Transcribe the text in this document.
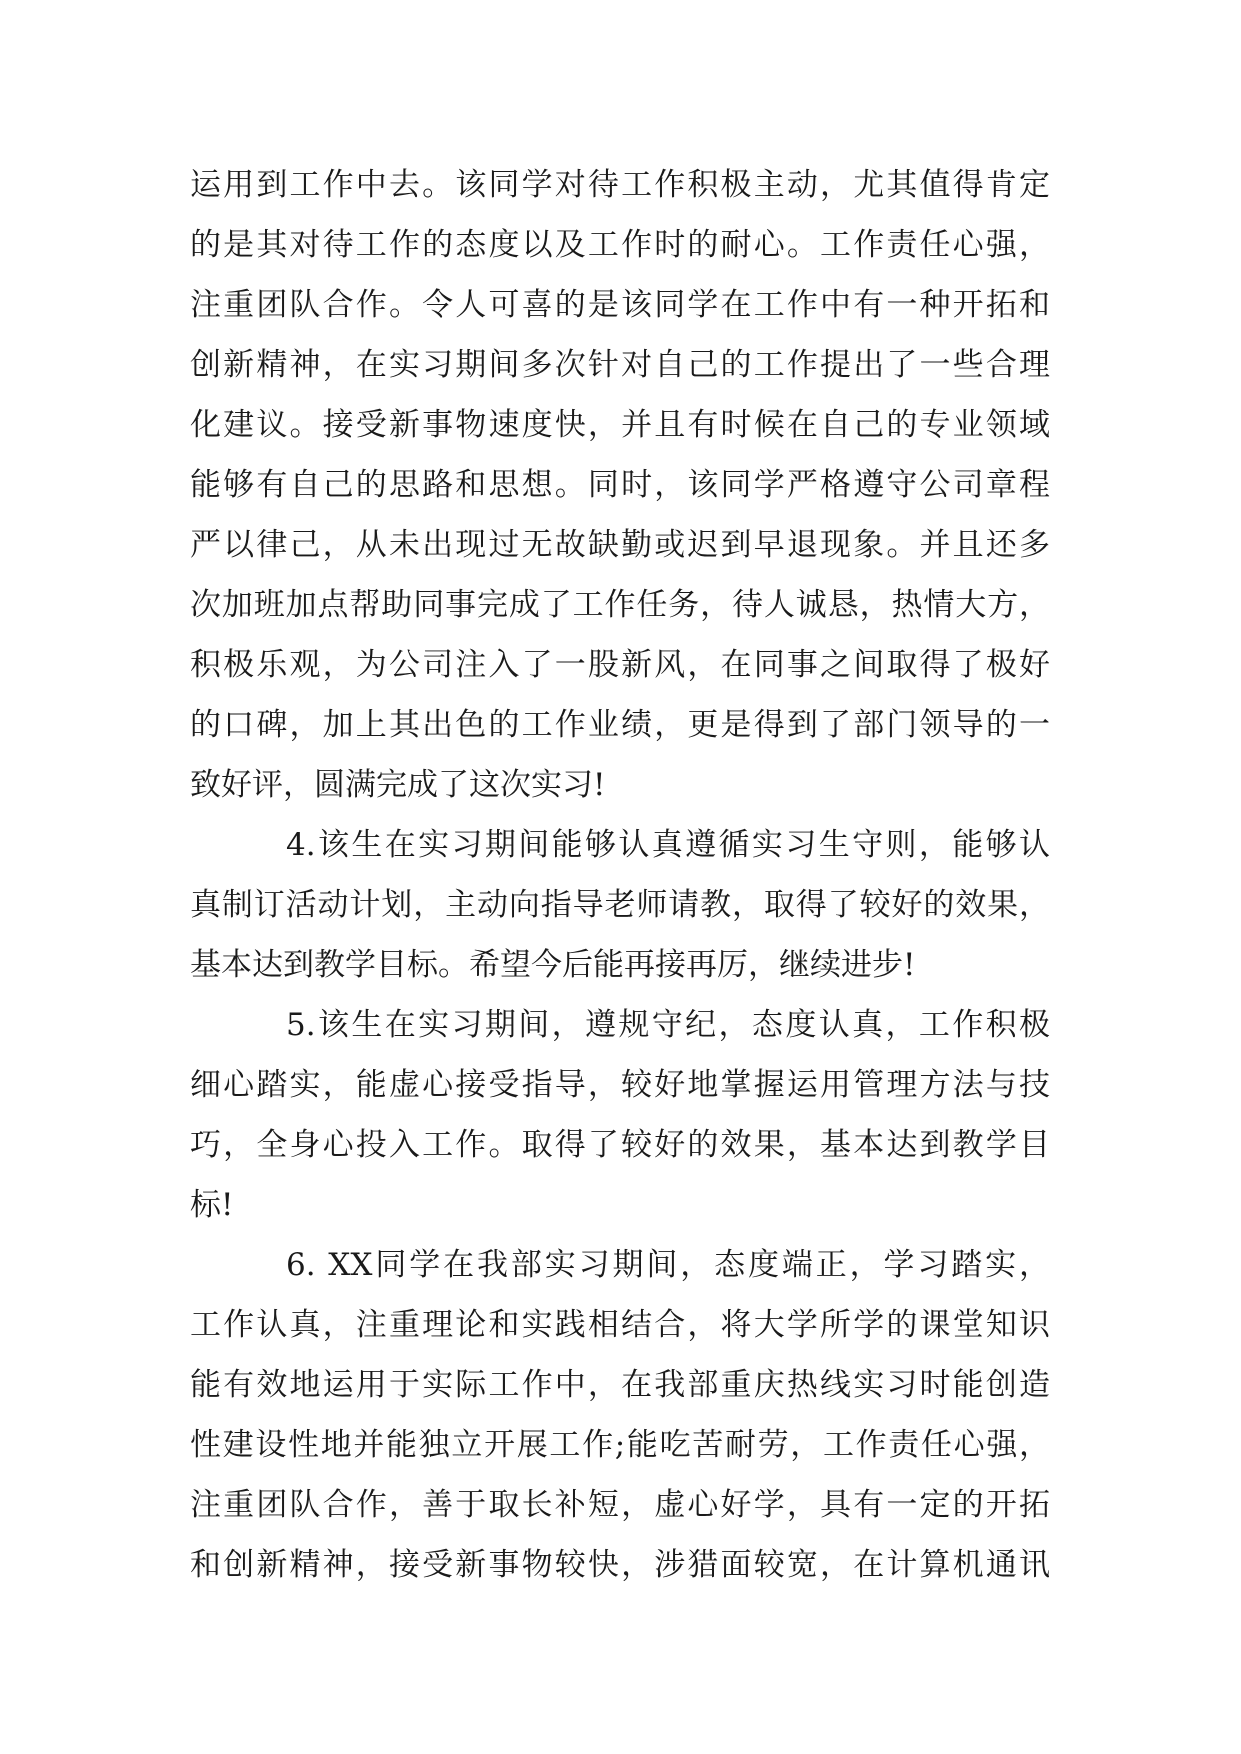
运用到工作中去。该同学对待工作积极主动，尤其值得肯定
的是其对待工作的态度以及工作时的耐心。工作责任心强，
注重团队合作。令人可喜的是该同学在工作中有一种开拓和
创新精神，在实习期间多次针对自己的工作提出了一些合理
化建议。接受新事物速度快，并且有时候在自己的专业领域
能够有自己的思路和思想。同时，该同学严格遵守公司章程
严以律己，从未出现过无故缺勤或迟到早退现象。并且还多
次加班加点帮助同事完成了工作任务，待人诚恳，热情大方，
积极乐观，为公司注入了一股新风，在同事之间取得了极好
的口碑，加上其出色的工作业绩，更是得到了部门领导的一
致好评，圆满完成了这次实习!
4.该生在实习期间能够认真遵循实习生守则，能够认
真制订活动计划，主动向指导老师请教，取得了较好的效果，
基本达到教学目标。希望今后能再接再厉，继续进步!
5.该生在实习期间，遵规守纪，态度认真，工作积极
细心踏实，能虚心接受指导，较好地掌握运用管理方法与技
巧，全身心投入工作。取得了较好的效果，基本达到教学目
标!
6. XX同学在我部实习期间，态度端正，学习踏实，
工作认真，注重理论和实践相结合，将大学所学的课堂知识
能有效地运用于实际工作中，在我部重庆热线实习时能创造
性建设性地并能独立开展工作;能吃苦耐劳，工作责任心强，
注重团队合作，善于取长补短，虚心好学，具有一定的开拓
和创新精神，接受新事物较快，涉猎面较宽，在计算机通讯
